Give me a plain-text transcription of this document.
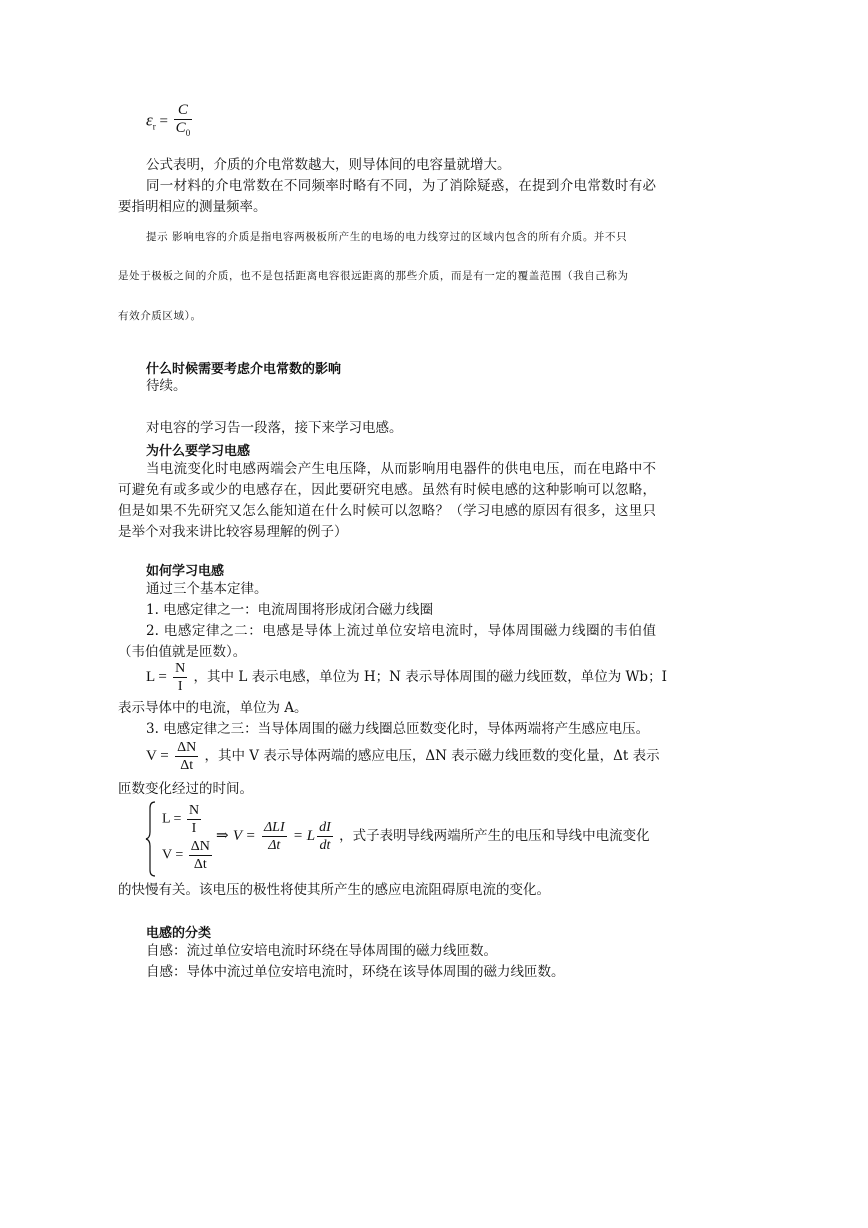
$\varepsilon_r = \frac{C}{C_0}$
公式表明，介质的介电常数越大，则导体间的电容量就增大。
同一材料的介电常数在不同频率时略有不同，为了消除疑惑，在提到介电常数时有必要指明相应的测量频率。
提示 影响电容的介质是指电容两极板所产生的电场的电力线穿过的区域内包含的所有介质。并不只
是处于极板之间的介质，也不是包括距离电容很远距离的那些介质，而是有一定的覆盖范围（我自己称为
有效介质区域）。
什么时候需要考虑介电常数的影响
待续。
对电容的学习告一段落，接下来学习电感。
为什么要学习电感
当电流变化时电感两端会产生电压降，从而影响用电器件的供电电压，而在电路中不可避免有或多或少的电感存在，因此要研究电感。虽然有时候电感的这种影响可以忽略，但是如果不先研究又怎么能知道在什么时候可以忽略？（学习电感的原因有很多，这里只是举个对我来讲比较容易理解的例子）
如何学习电感
通过三个基本定律。
1. 电感定律之一：电流周围将形成闭合磁力线圈
2. 电感定律之二：电感是导体上流过单位安培电流时，导体周围磁力线圈的韦伯值（韦伯值就是匝数）。
$L = \frac{N}{I}$ ，其中 L 表示电感，单位为 H；N 表示导体周围的磁力线匝数，单位为 Wb；I
表示导体中的电流，单位为 A。
3. 电感定律之三：当导体周围的磁力线圈总匝数变化时，导体两端将产生感应电压。
$V = \frac{\Delta N}{\Delta t}$ ，其中 V 表示导体两端的感应电压，ΔN 表示磁力线匝数的变化量，Δt 表示
匝数变化经过的时间。
$L = \frac{N}{I}$
$V = \frac{\Delta N}{\Delta t}$
⇒ $V = \frac{\text{ΔLI}}{\Delta t} = L \frac{dI}{dt}$ ，式子表明导线两端所产生的电压和导线中电流变化
的快慢有关。该电压的极性将使其所产生的感应电流阻碍原电流的变化。
电感的分类
自感：流过单位安培电流时环绕在导体周围的磁力线匝数。
自感：导体中流过单位安培电流时，环绕在该导体周围的磁力线匝数。
